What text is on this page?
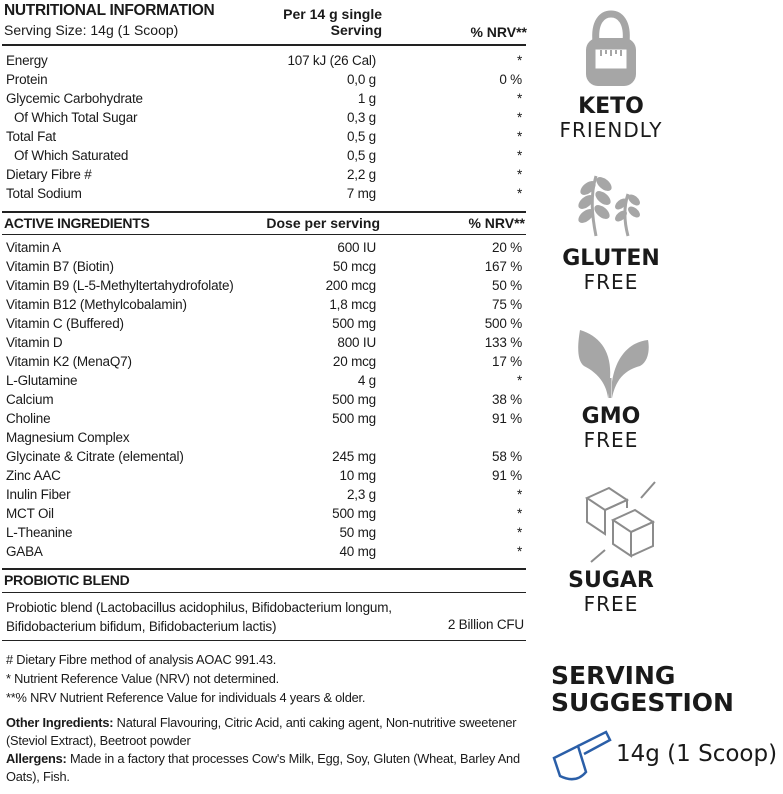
NUTRITIONAL INFORMATION
Serving Size: 14g (1 Scoop)
Per 14 g single Serving	% NRV**
Energy	107 kJ (26 Cal)	*
Protein	0,0 g	0 %
Glycemic Carbohydrate	1 g	*
Of Which Total Sugar	0,3 g	*
Total Fat	0,5 g	*
Of Which Saturated	0,5 g	*
Dietary Fibre #	2,2 g	*
Total Sodium	7 mg	*
ACTIVE INGREDIENTS	Dose per serving	% NRV**
Vitamin A	600 IU	20 %
Vitamin B7 (Biotin)	50 mcg	167 %
Vitamin B9 (L-5-Methyltertahydrofolate)	200 mcg	50 %
Vitamin B12 (Methylcobalamin)	1,8 mcg	75 %
Vitamin C (Buffered)	500 mg	500 %
Vitamin D	800 IU	133 %
Vitamin K2 (MenaQ7)	20 mcg	17 %
L-Glutamine	4 g	*
Calcium	500 mg	38 %
Choline	500 mg	91 %
Magnesium Complex
Glycinate & Citrate (elemental)	245 mg	58 %
Zinc AAC	10 mg	91 %
Inulin Fiber	2,3 g	*
MCT Oil	500 mg	*
L-Theanine	50 mg	*
GABA	40 mg	*
PROBIOTIC BLEND
Probiotic blend (Lactobacillus acidophilus, Bifidobacterium longum,
Bifidobacterium bifidum, Bifidobacterium lactis)	2 Billion CFU
# Dietary Fibre method of analysis AOAC 991.43.
* Nutrient Reference Value (NRV) not determined.
**% NRV Nutrient Reference Value for individuals 4 years & older.
Other Ingredients: Natural Flavouring, Citric Acid, anti caking agent, Non-nutritive sweetener (Steviol Extract), Beetroot powder
Allergens: Made in a factory that processes Cow's Milk, Egg, Soy, Gluten (Wheat, Barley And Oats), Fish.
KETO
FRIENDLY
GLUTEN
FREE
GMO
FREE
SUGAR
FREE
SERVING
SUGGESTION
14g (1 Scoop)
